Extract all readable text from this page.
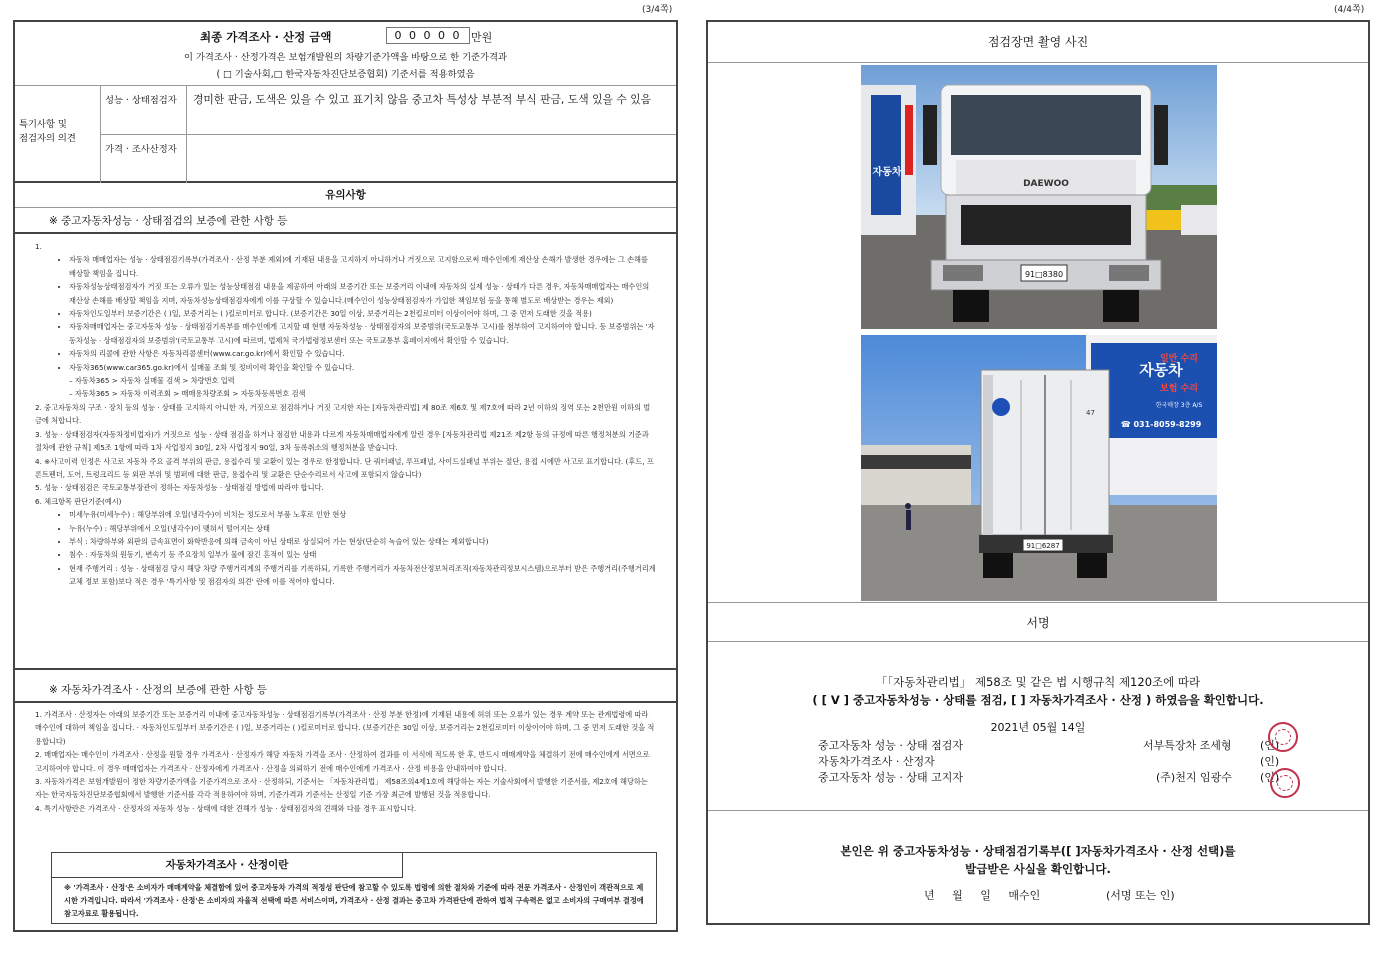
(3/4쪽)
최종 가격조사 · 산정 금액	0 0 0 0 0 만원
이 가격조사 · 산정가격은 보험개발원의 차량기준가액을 바탕으로 한 기준가격과
( □ 기술사회,□ 한국자동차진단보증협회) 기준서를 적용하였음
특기사항 및
점검자의 의견
성능 · 상태점검자	경미한 판금, 도색은 있을 수 있고 표기치 않음 중고차 특성상 부분적 부식 판금, 도색 있을 수 있음
가격 · 조사산정자
유의사항
※ 중고자동차성능 · 상태점검의 보증에 관한 사항 등
1.
• 자동차 매매업자는 성능 · 상태점검기록부(가격조사 · 산정 부분 제외)에 기재된 내용을 고지하지 아니하거나 거짓으로 고지함으로써 매수인에게 재산상 손해가 발생한 경우에는 그 손해를 배상할 책임을 집니다.
• 자동차성능상태점검자가 거짓 또는 오류가 있는 성능상태점검 내용을 제공하여 아래의 보증기간 또는 보증거리 이내에 자동차의 실제 성능 · 상태가 다른 경우, 자동차매매업자는 매수인의 재산상 손해를 배상할 책임을 지며, 자동차성능상태점검자에게 이를 구상할 수 있습니다.(매수인이 성능상태점검자가 가입한 책임보험 등을 통해 별도로 배상받는 경우는 제외)
• 자동차인도일부터 보증기간은 ( )일, 보증거리는 ( )킬로미터로 합니다. (보증기간은 30일 이상, 보증거리는 2천킬로미터 이상이어야 하며, 그 중 먼저 도래한 것을 적용)
• 자동차매매업자는 중고자동차 성능 · 상태점검기록부를 매수인에게 고지할 때 현행 자동차성능 · 상태점검자의 보증범위(국토교통부 고시)를 첨부하여 고지하여야 합니다. 동 보증범위는 '자동차성능 · 상태점검자의 보증범위'(국토교통부 고시)에 따르며, 법제처 국가법령정보센터 또는 국토교통부 홈페이지에서 확인할 수 있습니다.
• 자동차의 리콜에 관한 사항은 자동차리콜센터(www.car.go.kr)에서 확인할 수 있습니다.
• 자동차365(www.car365.go.kr)에서 실매물 조회 및 정비이력 확인을 확인할 수 있습니다.
– 자동차365 > 자동차 실매물 검색 > 차량번호 입력
– 자동차365 > 자동차 이력조회 > 매매용차량조회 > 자동차등록번호 검색
2. 중고자동차의 구조 · 장치 등의 성능 · 상태를 고지하지 아니한 자, 거짓으로 점검하거나 거짓 고지한 자는 [자동차관리법] 제 80조 제6호 및 제7호에 따라 2년 이하의 징역 또는 2천만원 이하의 벌금에 처합니다.
3. 성능 · 상태점검자(자동차정비업자)가 거짓으로 성능 · 상태 점검을 하거나 점검한 내용과 다르게 자동차매매업자에게 알린 경우 [자동차관리법 제21조 제2항 등의 규정에 따른 행정처분의 기준과 절차에 관한 규칙] 제5조 1항에 따라 1차 사업정지 30일, 2차 사업정지 90일, 3차 등록취소의 행정처분을 받습니다.
4. ※사고이력 인정은 사고로 자동차 주요 골격 부위의 판금, 용접수리 및 교환이 있는 경우로 한정합니다. 단 쿼터패널, 루프패널, 사이드실패널 부위는 절단, 용접 시에만 사고로 표기합니다. (후드, 프론트펜더, 도어, 트렁크리드 등 외판 부위 및 범퍼에 대한 판금, 용접수리 및 교환은 단순수리로서 사고에 포함되지 않습니다)
5. 성능 · 상태점검은 국토교통부장관이 정하는 자동차성능 · 상태점검 방법에 따라야 합니다.
6. 체크항목 판단기준(예시)
• 미세누유(미세누수) : 해당부위에 오일(냉각수)이 비치는 정도로서 부품 노후로 인한 현상
• 누유(누수) : 해당부위에서 오일(냉각수)이 맺혀서 떨어지는 상태
• 부식 : 차량하부와 외판의 금속표면이 화학반응에 의해 금속이 아닌 상태로 상실되어 가는 현상(단순히 녹슬어 있는 상태는 제외합니다)
• 침수 : 자동차의 원동기, 변속기 등 주요장치 일부가 물에 잠긴 흔적이 있는 상태
• 현재 주행거리 : 성능 · 상태점검 당시 해당 차량 주행거리계의 주행거리를 기록하되, 기록한 주행거리가 자동차전산정보처리조직(자동차관리정보시스템)으로부터 받은 주행거리(주행거리계 교체 정보 포함)보다 적은 경우 '특기사항 및 점검자의 의견' 란에 이를 적어야 합니다.
※ 자동차가격조사 · 산정의 보증에 관한 사항 등
1. 가격조사 · 산정자는 아래의 보증기간 또는 보증거리 이내에 중고자동차성능 · 상태점검기록부(가격조사 · 산정 부분 한정)에 기재된 내용에 허위 또는 오류가 있는 경우 계약 또는 관계법령에 따라 매수인에 대하여 책임을 집니다. · 자동차인도일부터 보증기간은 ( )일, 보증거리는 ( )킬로미터로 합니다. (보증기간은 30일 이상, 보증거리는 2천킬로미터 이상이어야 하며, 그 중 먼저 도래한 것을 적용합니다)
2. 매매업자는 매수인이 가격조사 · 산정을 원할 경우 가격조사 · 산정자가 해당 자동차 가격을 조사 · 산정하여 결과를 이 서식에 적도록 한 후, 반드시 매매계약을 체결하기 전에 매수인에게 서면으로 고지하여야 합니다. 이 경우 매매업자는 가격조사 · 산정자에게 가격조사 · 산정을 의뢰하기 전에 매수인에게 가격조사 · 산정 비용을 안내하여야 합니다.
3. 자동차가격은 보험개발원이 정한 차량기준가액을 기준가격으로 조사 · 산정하되, 기준서는 「자동차관리법」 제58조의4제1호에 해당하는 자는 기술사회에서 발행한 기준서를, 제2호에 해당하는 자는 한국자동차진단보증협회에서 발행한 기준서를 각각 적용하여야 하며, 기준가격과 기준서는 산정일 기준 가장 최근에 발행된 것을 적용합니다.
4. 특기사항란은 가격조사 · 산정자의 자동차 성능 · 상태에 대한 견해가 성능 · 상태점검자의 견해와 다를 경우 표시합니다.
자동차가격조사 · 산정이란
※ '가격조사 · 산정'은 소비자가 매매계약을 체결함에 있어 중고자동차 가격의 적정성 판단에 참고할 수 있도록 법령에 의한 절차와 기준에 따라 전문 가격조사 · 산정인이 객관적으로 제시한 가격입니다. 따라서 '가격조사 · 산정'은 소비자의 자율적 선택에 따른 서비스이며, 가격조사 · 산정 결과는 중고차 가격판단에 관하여 법적 구속력은 없고 소비자의 구매여부 결정에 참고자료로 활용됩니다.
(4/4쪽)
점검장면 촬영 사진
91□8380
DAEWOO
자동차
자동차
일반 수리
보험 수리
한국매장 3층 A/S
☎ 031-8059-8299
47
91□6287
서명
「「자동차관리법」 제58조 및 같은 법 시행규칙 제120조에 따라
( [ V ] 중고자동차성능 · 상태를 점검, [ ] 자동차가격조사 · 산정 ) 하였음을 확인합니다.
2021년 05월 14일
중고자동차 성능 · 상태 점검자	서부특장차 조세형	(인)
자동차가격조사 · 산정자	(인)
중고자동차 성능 · 상태 고지자	(주)천지 임광수	(인)
본인은 위 중고자동차성능 · 상태점검기록부([ ]자동차가격조사 · 산정 선택)를
발급받은 사실을 확인합니다.
년     월     일     매수인	(서명 또는 인)
